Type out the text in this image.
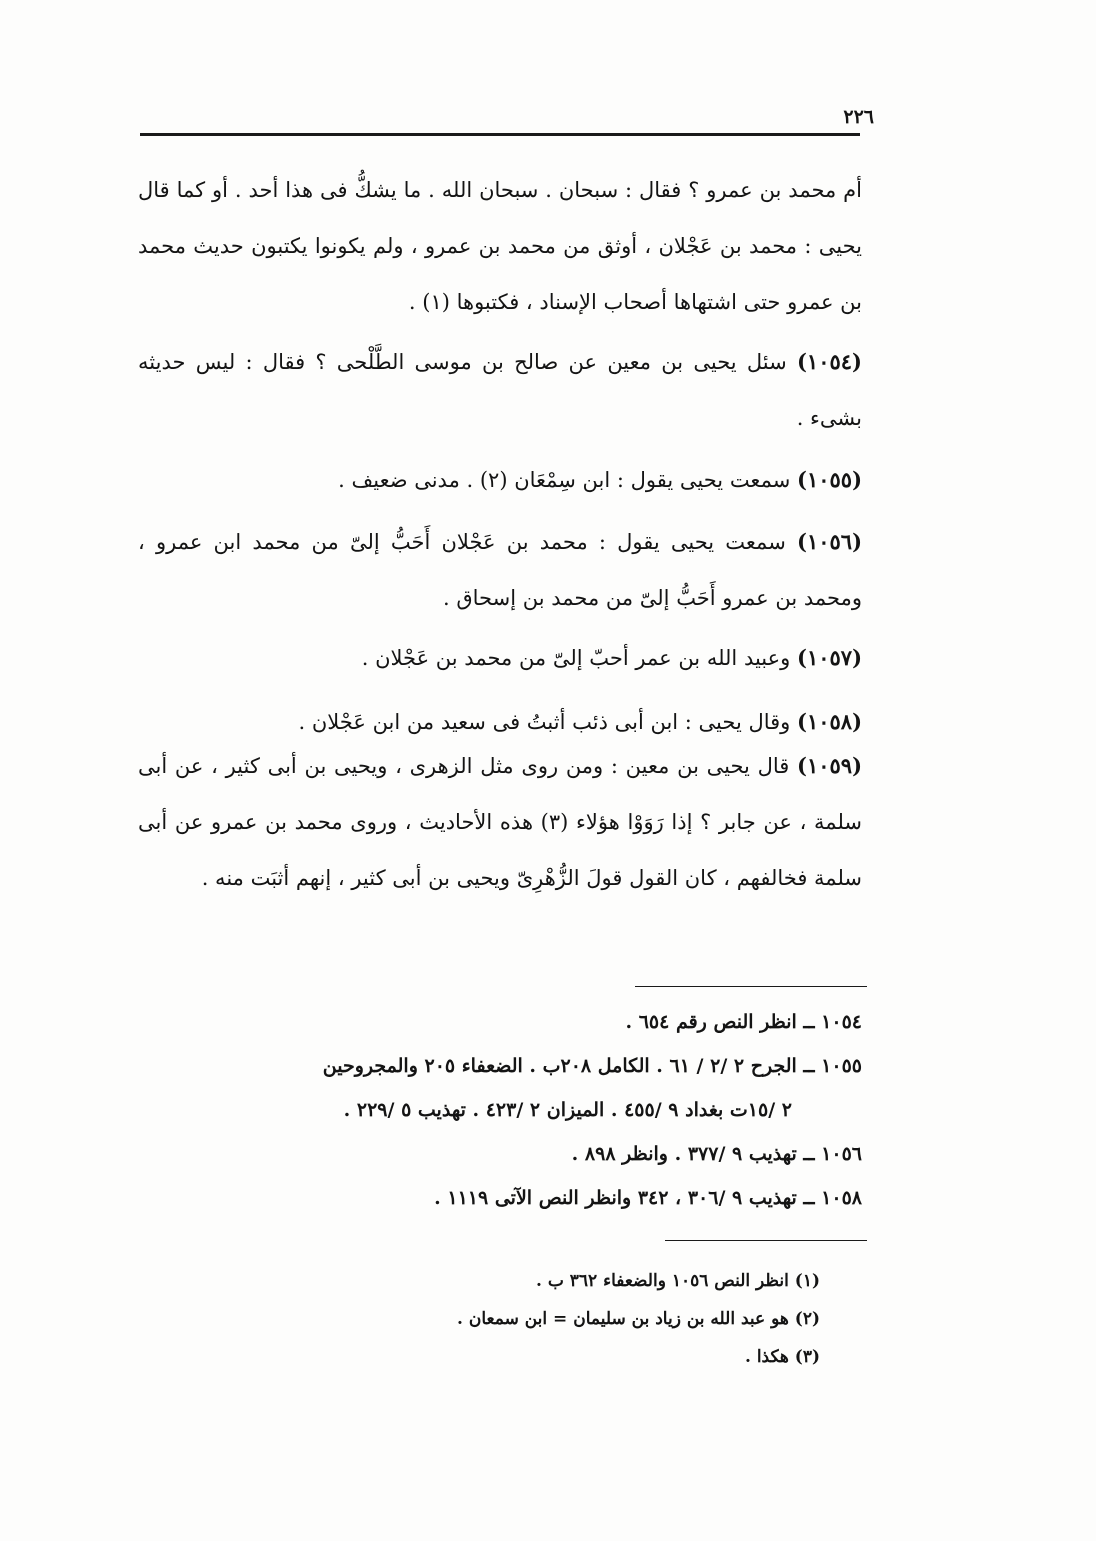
٢٢٦

أم محمد بن عمرو ؟ فقال : سبحان . سبحان الله . ما يشكُّ فى هذا أحد . أو كما قال يحيى : محمد بن عَجْلان ، أوثق من محمد بن عمرو ، ولم يكونوا يكتبون حديث محمد بن عمرو حتى اشتهاها أصحاب الإسناد ، فكتبوها (١) .

(١٠٥٤) سئل يحيى بن معين عن صالح بن موسى الطَّلْحى ؟ فقال : ليس حديثه بشىء .

(١٠٥٥) سمعت يحيى يقول : ابن سِمْعَان (٢) . مدنى ضعيف .

(١٠٥٦) سمعت يحيى يقول : محمد بن عَجْلان أَحَبُّ إلىّ من محمد ابن عمرو ، ومحمد بن عمرو أَحَبُّ إلىّ من محمد بن إسحاق .

(١٠٥٧) وعبيد الله بن عمر أحبّ إلىّ من محمد بن عَجْلان .

(١٠٥٨) وقال يحيى : ابن أبى ذئب أثبتُ فى سعيد من ابن عَجْلان .

(١٠٥٩) قال يحيى بن معين : ومن روى مثل الزهرى ، ويحيى بن أبى كثير ، عن أبى سلمة ، عن جابر ؟ إذا رَوَوْا هؤلاء (٣) هذه الأحاديث ، وروى محمد بن عمرو عن أبى سلمة فخالفهم ، كان القول قولَ الزُّهْرِىّ ويحيى بن أبى كثير ، إنهم أثبَت منه .

١٠٥٤ ــ انظر النص رقم ٦٥٤ .
١٠٥٥ ــ الجرح ٢ /٢ / ٦١ . الكامل ٢٠٨ب . الضعفاء ٢٠٥ والمجروحين
٢ /١٥ت بغداد ٩ /٤٥٥ . الميزان ٢ /٤٢٣ . تهذيب ٥ /٢٢٩ .
١٠٥٦ ــ تهذيب ٩ /٣٧٧ . وانظر ٨٩٨ .
١٠٥٨ ــ تهذيب ٩ /٣٠٦ ، ٣٤٢ وانظر النص الآتى ١١١٩ .
(١) انظر النص ١٠٥٦ والضعفاء ٣٦٢ ب .
(٢) هو عبد الله بن زياد بن سليمان = ابن سمعان .
(٣) هكذا .
